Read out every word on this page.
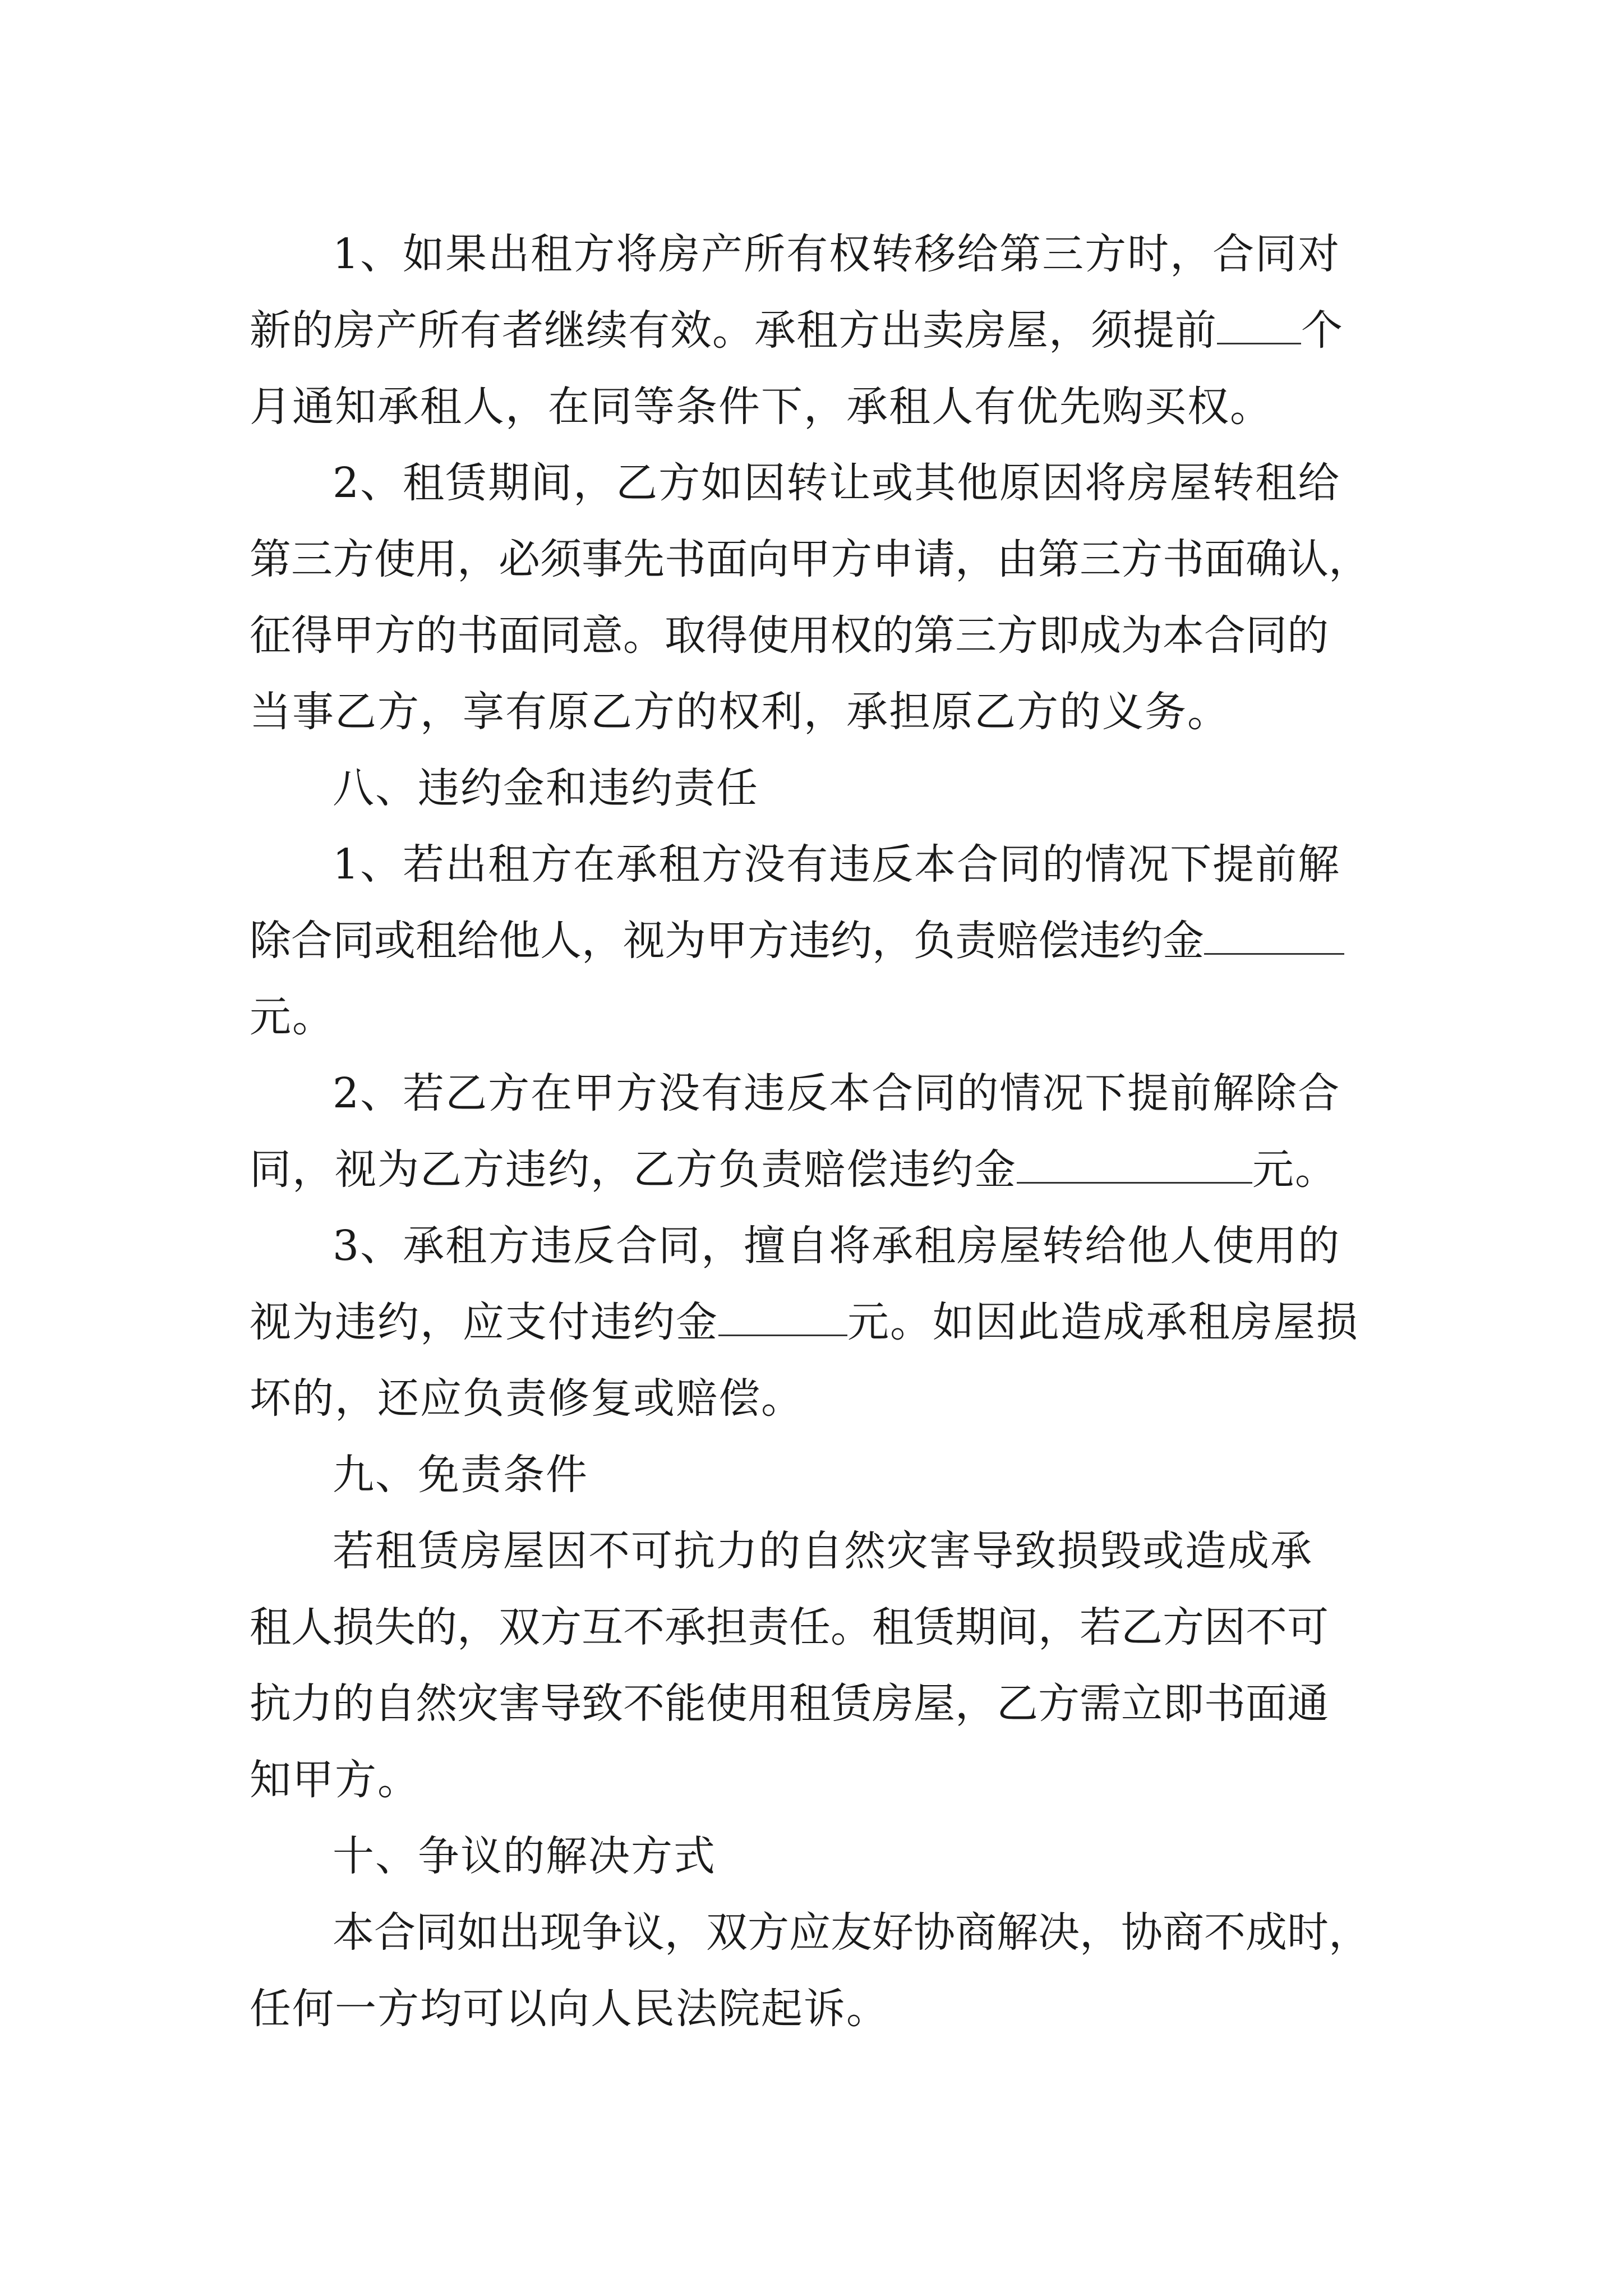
1、如果出租方将房产所有权转移给第三方时，合同对
新的房产所有者继续有效。承租方出卖房屋，须提前 个
月通知承租人，在同等条件下，承租人有优先购买权。
2、租赁期间，乙方如因转让或其他原因将房屋转租给
第三方使用，必须事先书面向甲方申请，由第三方书面确认，
征得甲方的书面同意。取得使用权的第三方即成为本合同的
当事乙方，享有原乙方的权利，承担原乙方的义务。
八、违约金和违约责任
1、若出租方在承租方没有违反本合同的情况下提前解
除合同或租给他人，视为甲方违约，负责赔偿违约金
元。
2、若乙方在甲方没有违反本合同的情况下提前解除合
同，视为乙方违约，乙方负责赔偿违约金	元。
3、承租方违反合同，擅自将承租房屋转给他人使用的
视为违约，应支付违约金	元。如因此造成承租房屋损
坏的，还应负责修复或赔偿。
九、免责条件
若租赁房屋因不可抗力的自然灾害导致损毁或造成承
租人损失的，双方互不承担责任。租赁期间，若乙方因不可
抗力的自然灾害导致不能使用租赁房屋，乙方需立即书面通
知甲方。
十、争议的解决方式
本合同如出现争议，双方应友好协商解决，协商不成时，
任何一方均可以向人民法院起诉。
